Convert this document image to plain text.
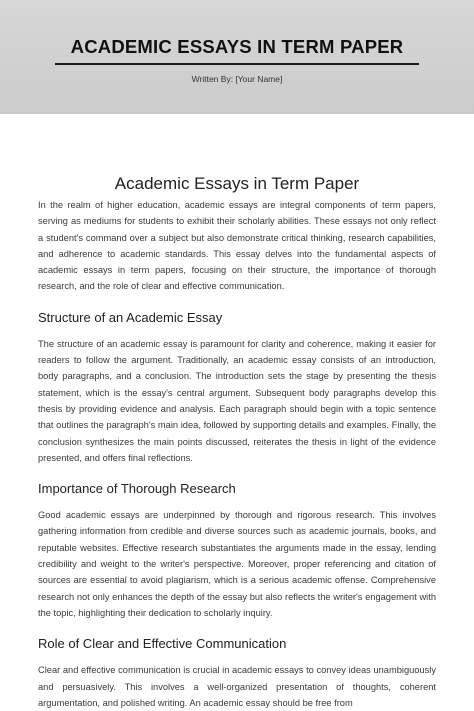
ACADEMIC ESSAYS IN TERM PAPER
Written By: [Your Name]
Academic Essays in Term Paper

In the realm of higher education, academic essays are integral components of term papers, serving as mediums for students to exhibit their scholarly abilities. These essays not only reflect a student's command over a subject but also demonstrate critical thinking, research capabilities, and adherence to academic standards. This essay delves into the fundamental aspects of academic essays in term papers, focusing on their structure, the importance of thorough research, and the role of clear and effective communication.

Structure of an Academic Essay

The structure of an academic essay is paramount for clarity and coherence, making it easier for readers to follow the argument. Traditionally, an academic essay consists of an introduction, body paragraphs, and a conclusion. The introduction sets the stage by presenting the thesis statement, which is the essay's central argument. Subsequent body paragraphs develop this thesis by providing evidence and analysis. Each paragraph should begin with a topic sentence that outlines the paragraph's main idea, followed by supporting details and examples. Finally, the conclusion synthesizes the main points discussed, reiterates the thesis in light of the evidence presented, and offers final reflections.

Importance of Thorough Research

Good academic essays are underpinned by thorough and rigorous research. This involves gathering information from credible and diverse sources such as academic journals, books, and reputable websites. Effective research substantiates the arguments made in the essay, lending credibility and weight to the writer's perspective. Moreover, proper referencing and citation of sources are essential to avoid plagiarism, which is a serious academic offense. Comprehensive research not only enhances the depth of the essay but also reflects the writer's engagement with the topic, highlighting their dedication to scholarly inquiry.

Role of Clear and Effective Communication

Clear and effective communication is crucial in academic essays to convey ideas unambiguously and persuasively. This involves a well-organized presentation of thoughts, coherent argumentation, and polished writing. An academic essay should be free from
